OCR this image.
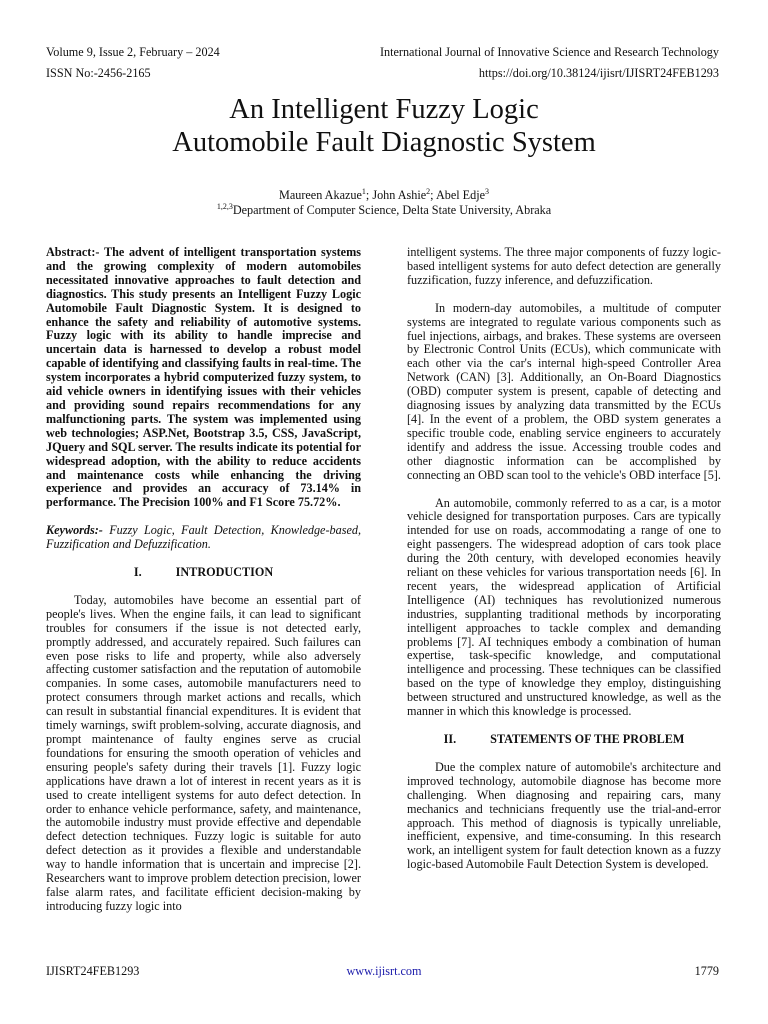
Volume 9, Issue 2, February – 2024	International Journal of Innovative Science and Research Technology
ISSN No:-2456-2165	https://doi.org/10.38124/ijisrt/IJISRT24FEB1293
An Intelligent Fuzzy Logic
Automobile Fault Diagnostic System
Maureen Akazue$^1$; John Ashie$^2$; Abel Edje$^3$
$^{1,2,3}$Department of Computer Science, Delta State University, Abraka

Abstract:- The advent of intelligent transportation systems and the growing complexity of modern automobiles necessitated innovative approaches to fault detection and diagnostics. This study presents an Intelligent Fuzzy Logic Automobile Fault Diagnostic System. It is designed to enhance the safety and reliability of automotive systems. Fuzzy logic with its ability to handle imprecise and uncertain data is harnessed to develop a robust model capable of identifying and classifying faults in real-time. The system incorporates a hybrid computerized fuzzy system, to aid vehicle owners in identifying issues with their vehicles and providing sound repairs recommendations for any malfunctioning parts. The system was implemented using web technologies; ASP.Net, Bootstrap 3.5, CSS, JavaScript, JQuery and SQL server. The results indicate its potential for widespread adoption, with the ability to reduce accidents and maintenance costs while enhancing the driving experience and provides an accuracy of 73.14% in performance. The Precision 100% and F1 Score 75.72%.

Keywords:- Fuzzy Logic, Fault Detection, Knowledge-based, Fuzzification and Defuzzification.

I.	INTRODUCTION

Today, automobiles have become an essential part of people's lives. When the engine fails, it can lead to significant troubles for consumers if the issue is not detected early, promptly addressed, and accurately repaired. Such failures can even pose risks to life and property, while also adversely affecting customer satisfaction and the reputation of automobile companies. In some cases, automobile manufacturers need to protect consumers through market actions and recalls, which can result in substantial financial expenditures. It is evident that timely warnings, swift problem-solving, accurate diagnosis, and prompt maintenance of faulty engines serve as crucial foundations for ensuring the smooth operation of vehicles and ensuring people's safety during their travels [1]. Fuzzy logic applications have drawn a lot of interest in recent years as it is used to create intelligent systems for auto defect detection. In order to enhance vehicle performance, safety, and maintenance, the automobile industry must provide effective and dependable defect detection techniques. Fuzzy logic is suitable for auto defect detection as it provides a flexible and understandable way to handle information that is uncertain and imprecise [2]. Researchers want to improve problem detection precision, lower false alarm rates, and facilitate efficient decision-making by introducing fuzzy logic into

intelligent systems. The three major components of fuzzy logic-based intelligent systems for auto defect detection are generally fuzzification, fuzzy inference, and defuzzification.

In modern-day automobiles, a multitude of computer systems are integrated to regulate various components such as fuel injections, airbags, and brakes. These systems are overseen by Electronic Control Units (ECUs), which communicate with each other via the car's internal high-speed Controller Area Network (CAN) [3]. Additionally, an On-Board Diagnostics (OBD) computer system is present, capable of detecting and diagnosing issues by analyzing data transmitted by the ECUs [4]. In the event of a problem, the OBD system generates a specific trouble code, enabling service engineers to accurately identify and address the issue. Accessing trouble codes and other diagnostic information can be accomplished by connecting an OBD scan tool to the vehicle's OBD interface [5].

An automobile, commonly referred to as a car, is a motor vehicle designed for transportation purposes. Cars are typically intended for use on roads, accommodating a range of one to eight passengers. The widespread adoption of cars took place during the 20th century, with developed economies heavily reliant on these vehicles for various transportation needs [6]. In recent years, the widespread application of Artificial Intelligence (AI) techniques has revolutionized numerous industries, supplanting traditional methods by incorporating intelligent approaches to tackle complex and demanding problems [7]. AI techniques embody a combination of human expertise, task-specific knowledge, and computational intelligence and processing. These techniques can be classified based on the type of knowledge they employ, distinguishing between structured and unstructured knowledge, as well as the manner in which this knowledge is processed.

II.	STATEMENTS OF THE PROBLEM

Due the complex nature of automobile's architecture and improved technology, automobile diagnose has become more challenging. When diagnosing and repairing cars, many mechanics and technicians frequently use the trial-and-error approach. This method of diagnosis is typically unreliable, inefficient, expensive, and time-consuming. In this research work, an intelligent system for fault detection known as a fuzzy logic-based Automobile Fault Detection System is developed.

IJISRT24FEB1293	www.ijisrt.com	1779
